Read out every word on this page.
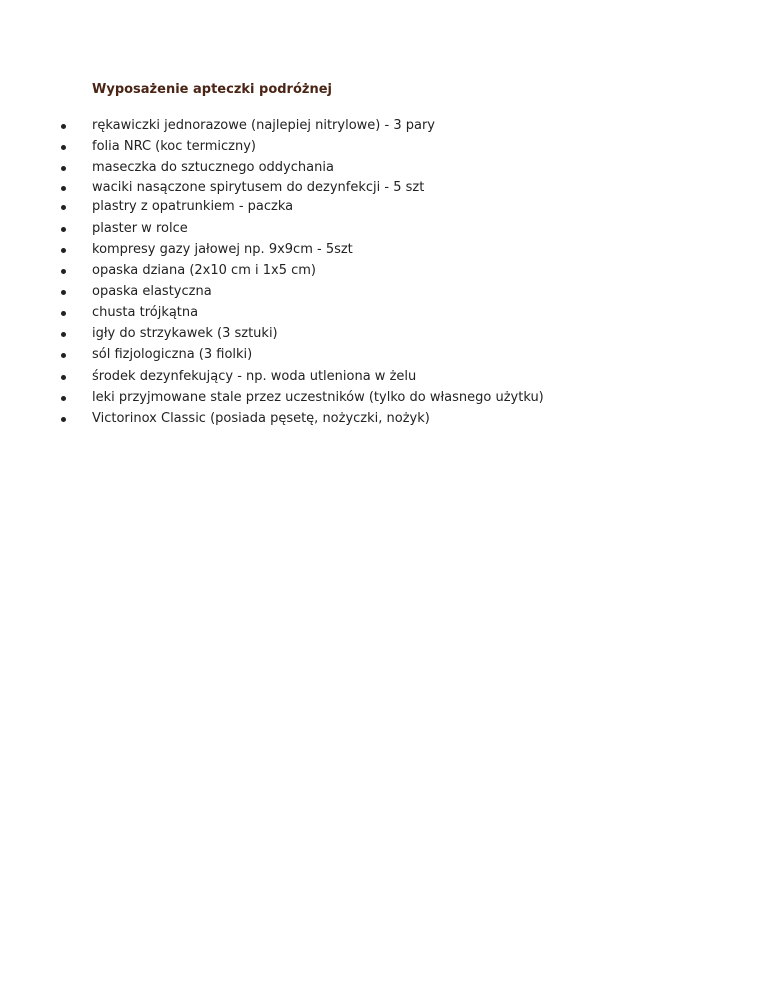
Wyposażenie apteczki podróżnej
rękawiczki jednorazowe (najlepiej nitrylowe) - 3 pary
folia NRC (koc termiczny)
maseczka do sztucznego oddychania
waciki nasączone spirytusem do dezynfekcji - 5 szt
plastry z opatrunkiem - paczka
plaster w rolce
kompresy gazy jałowej np. 9x9cm - 5szt
opaska dziana (2x10 cm i 1x5 cm)
opaska elastyczna
chusta trójkątna
igły do strzykawek (3 sztuki)
sól fizjologiczna (3 fiolki)
środek dezynfekujący - np. woda utleniona w żelu
leki przyjmowane stale przez uczestników (tylko do własnego użytku)
Victorinox Classic (posiada pęsetę, nożyczki, nożyk)
